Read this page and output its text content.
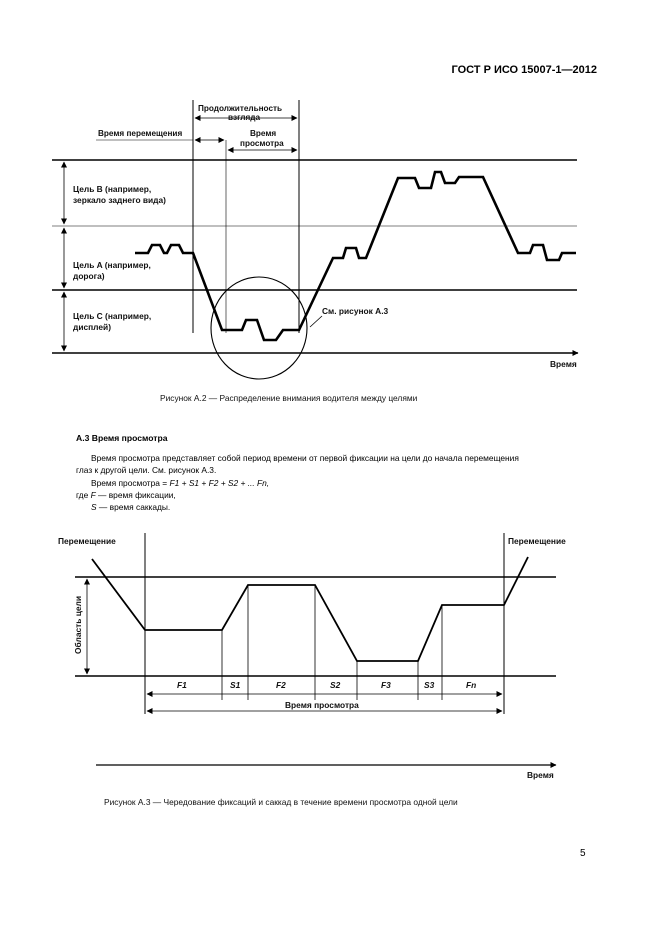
ГОСТ Р ИСО 15007-1—2012
Продолжительность
взгляда
Время перемещения	Время
просмотра
Цель B (например,
зеркало заднего вида)
Цель A (например,
дорога)
Цель C (например,
дисплей)
См. рисунок A.3
Время
Рисунок A.2 — Распределение внимания водителя между целями
A.3 Время просмотра
Время просмотра представляет собой период времени от первой фиксации на цели до начала перемещения
глаз к другой цели. См. рисунок A.3.
Время просмотра = F1 + S1 + F2 + S2 + ... Fn,
где F — время фиксации,
S — время саккады.
Перемещение	Перемещение
Область цели
F1	S1	F2	S2	F3	S3	Fn
Время просмотра
Время
Рисунок A.3 — Чередование фиксаций и саккад в течение времени просмотра одной цели
5
